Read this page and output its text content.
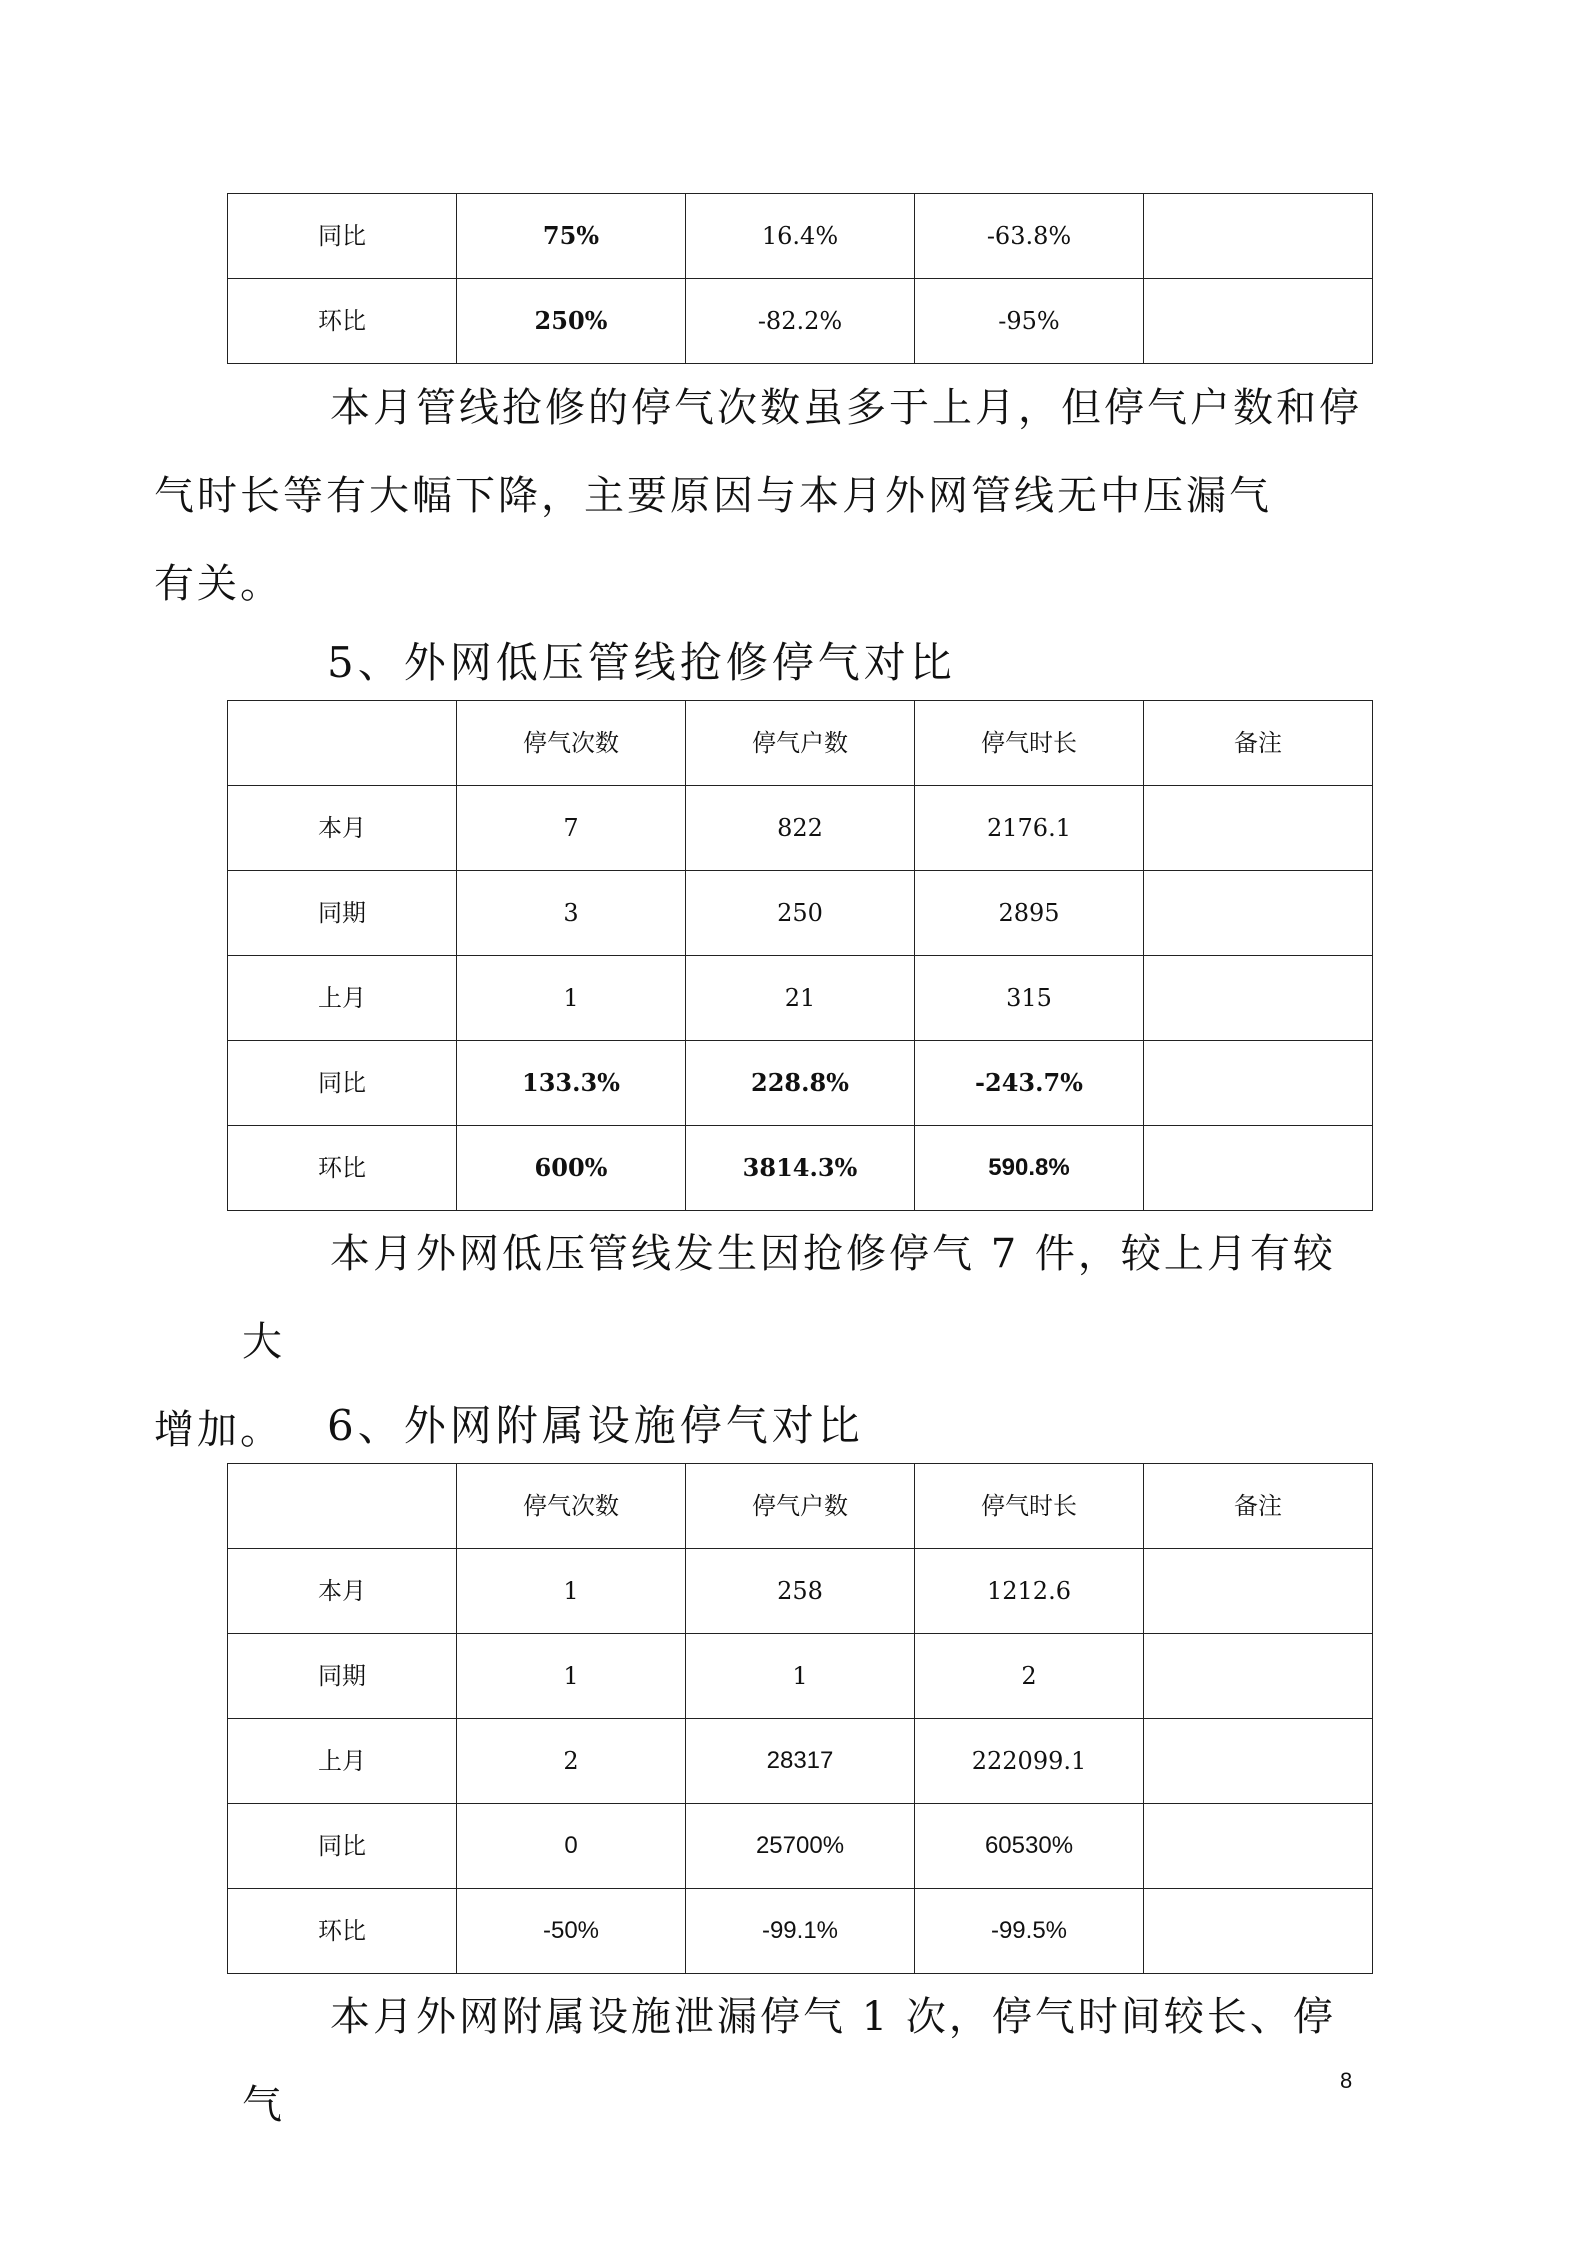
同比	75%	16.4%	-63.8%	
环比	250%	-82.2%	-95%	
本月管线抢修的停气次数虽多于上月，但停气户数和停
气时长等有大幅下降，主要原因与本月外网管线无中压漏气
有关。
5、外网低压管线抢修停气对比
	停气次数	停气户数	停气时长	备注
本月	7	822	2176.1	
同期	3	250	2895	
上月	1	21	315	
同比	133.3%	228.8%	-243.7%	
环比	600%	3814.3%	590.8%	
本月外网低压管线发生因抢修停气 7 件，较上月有较大
增加。	6、外网附属设施停气对比
	停气次数	停气户数	停气时长	备注
本月	1	258	1212.6	
同期	1	1	2	
上月	2	28317	222099.1	
同比	0	25700%	60530%	
环比	-50%	-99.1%	-99.5%	
本月外网附属设施泄漏停气 1 次，停气时间较长、停气
8
